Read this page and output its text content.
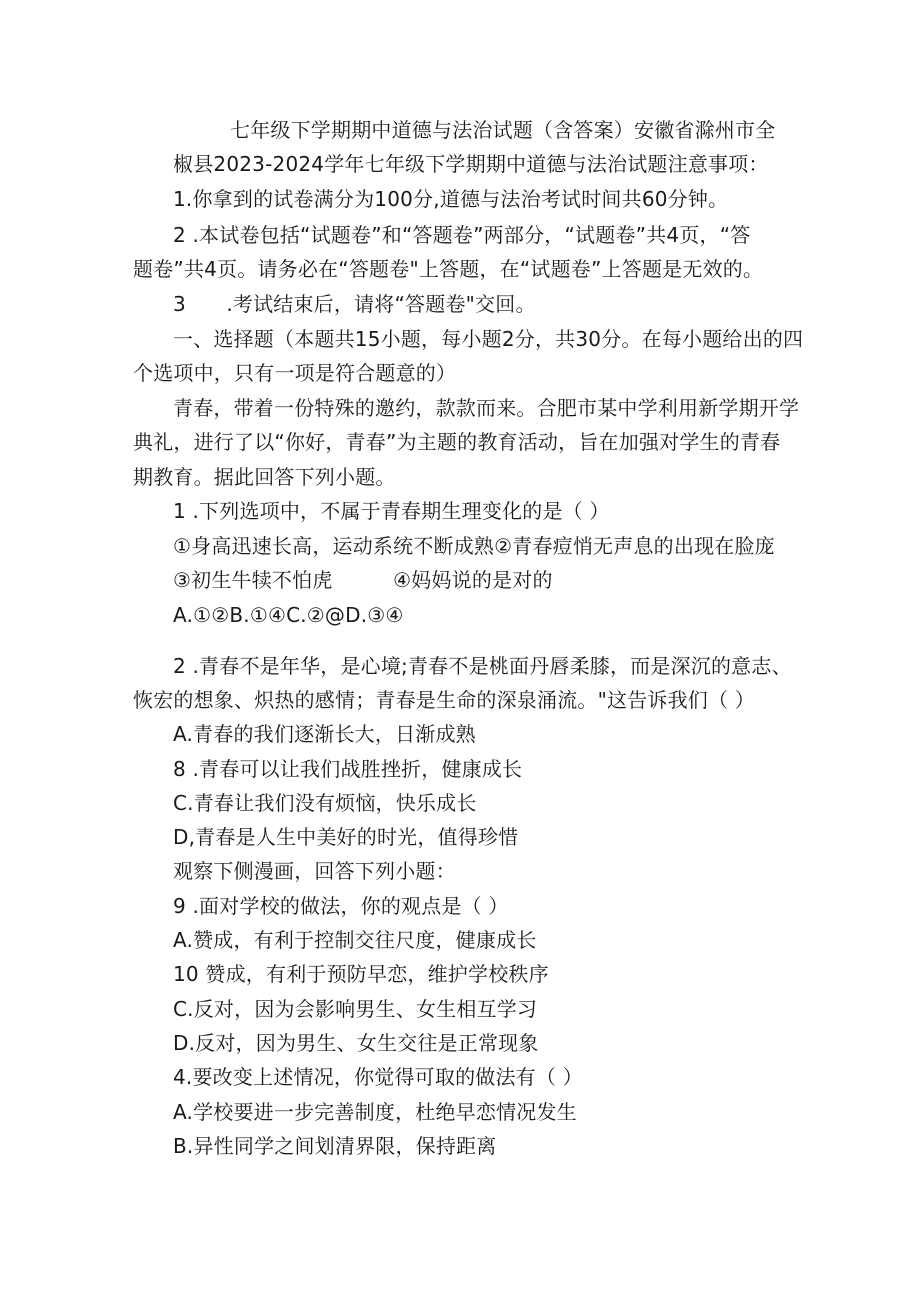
七年级下学期期中道德与法治试题（含答案）安徽省滁州市全
椒县2023-2024学年七年级下学期期中道德与法治试题注意事项：
1.你拿到的试卷满分为100分,道德与法治考试时间共60分钟。
2 .本试卷包括“试题卷”和“答题卷”两部分，“试题卷”共4页，“答
题卷”共4页。请务必在“答题卷"上答题，在“试题卷”上答题是无效的。
3　　.考试结束后，请将“答题卷"交回。
一、选择题（本题共15小题，每小题2分，共30分。在每小题给出的四
个选项中，只有一项是符合题意的）
青春，带着一份特殊的邀约，款款而来。合肥市某中学利用新学期开学
典礼，进行了以“你好，青春”为主题的教育活动，旨在加强对学生的青春
期教育。据此回答下列小题。
1 .下列选项中，不属于青春期生理变化的是（ ）
①身高迅速长高，运动系统不断成熟②青春痘悄无声息的出现在脸庞
③初生牛犊不怕虎　　　④妈妈说的是对的
A.①②B.①④C.②@D.③④
2 .青春不是年华，是心境;青春不是桃面丹唇柔膝，而是深沉的意志、
恢宏的想象、炽热的感情；青春是生命的深泉涌流。"这告诉我们（ ）
A.青春的我们逐渐长大，日渐成熟
8 .青春可以让我们战胜挫折，健康成长
C.青春让我们没有烦恼，快乐成长
D,青春是人生中美好的时光，值得珍惜
观察下侧漫画，回答下列小题：
9 .面对学校的做法，你的观点是（ ）
A.赞成，有利于控制交往尺度，健康成长
10 赞成，有利于预防早恋，维护学校秩序
C.反对，因为会影响男生、女生相互学习
D.反对，因为男生、女生交往是正常现象
4.要改变上述情况，你觉得可取的做法有（ ）
A.学校要进一步完善制度，杜绝早恋情况发生
B.异性同学之间划清界限，保持距离
